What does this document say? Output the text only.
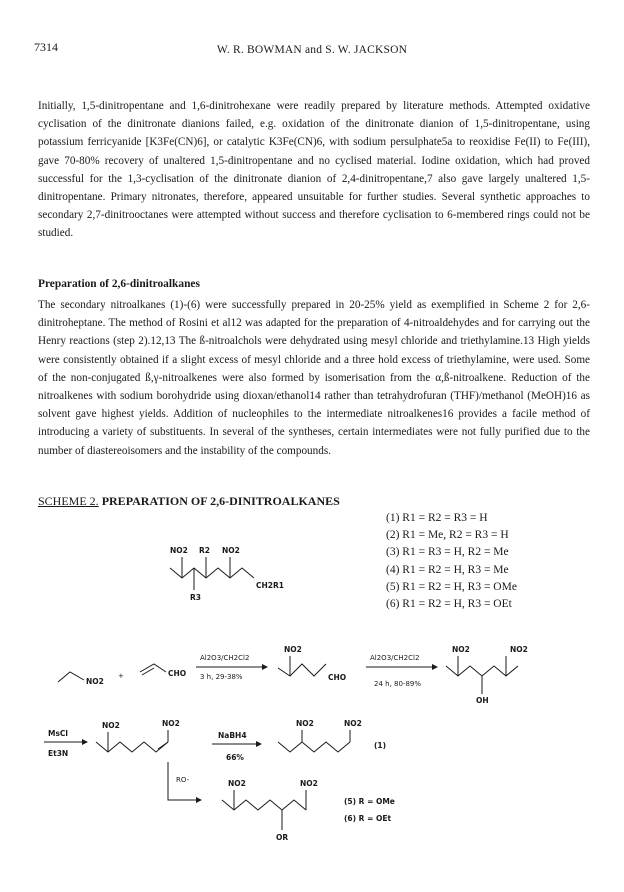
7314	W. R. BOWMAN and S. W. JACKSON
Initially, 1,5-dinitropentane and 1,6-dinitrohexane were readily prepared by literature methods. Attempted oxidative cyclisation of the dinitronate dianions failed, e.g. oxidation of the dinitronate dianion of 1,5-dinitropentane, using potassium ferricyanide [K3Fe(CN)6], or catalytic K3Fe(CN)6, with sodium persulphate5a to reoxidise Fe(II) to Fe(III), gave 70-80% recovery of unaltered 1,5-dinitropentane and no cyclised material. Iodine oxidation, which had proved successful for the 1,3-cyclisation of the dinitronate dianion of 2,4-dinitropentane,7 also gave largely unaltered 1,5-dinitropentane. Primary nitronates, therefore, appeared unsuitable for further studies. Several synthetic approaches to secondary 2,7-dinitrooctanes were attempted without success and therefore cyclisation to 6-membered rings could not be studied.
Preparation of 2,6-dinitroalkanes
The secondary nitroalkanes (1)-(6) were successfully prepared in 20-25% yield as exemplified in Scheme 2 for 2,6-dinitroheptane. The method of Rosini et al12 was adapted for the preparation of 4-nitroaldehydes and for carrying out the Henry reactions (step 2).12,13 The ß-nitroalchols were dehydrated using mesyl chloride and triethylamine.13 High yields were consistently obtained if a slight excess of mesyl chloride and a three hold excess of triethylamine, were used. Some of the non-conjugated ß,γ-nitroalkenes were also formed by isomerisation from the α,ß-nitroalkene. Reduction of the nitroalkenes with sodium borohydride using dioxan/ethanol14 rather than tetrahydrofuran (THF)/methanol (MeOH)16 as solvent gave highest yields. Addition of nucleophiles to the intermediate nitroalkenes16 provides a facile method of introducing a variety of substituents. In several of the syntheses, certain intermediates were not fully purified due to the number of diastereoisomers and the instability of the compounds.
SCHEME 2. PREPARATION OF 2,6-DINITROALKANES
(1) R1 = R2 = R3 = H
(2) R1 = Me, R2 = R3 = H
(3) R1 = R3 = H, R2 = Me
(4) R1 = R2 = H, R3 = Me
(5) R1 = R2 = H, R3 = OMe
(6) R1 = R2 = H, R3 = OEt
NO2 R2 NO2
CH2R1
R3
NO2
+	CHO
Al2O3/CH2Cl2
3 h, 29-38%
NO2
CHO
Al2O3/CH2Cl2
24 h, 80-89%
NO2	NO2
OH
MsCl
Et3N
NO2	NO2
NaBH4
66%
NO2	NO2
(1)
RO-	NO2	NO2
OR
(5) R = OMe
(6) R = OEt
